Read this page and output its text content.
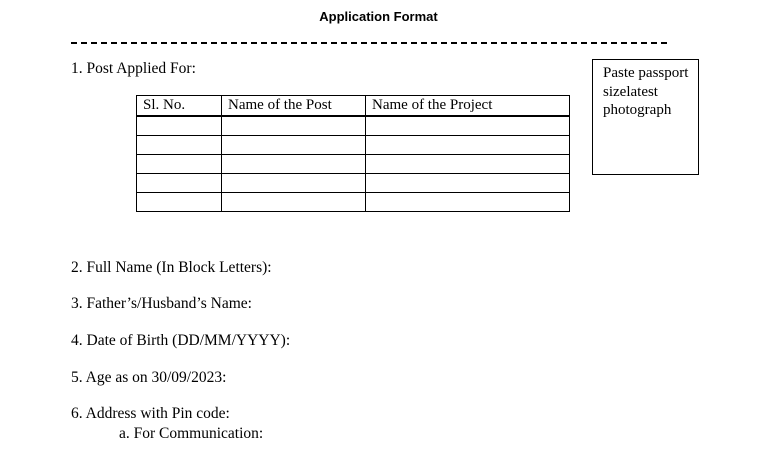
Application Format
1. Post Applied For:	Paste passport sizelatest photograph
Sl. No.	Name of the Post	Name of the Project

2. Full Name (In Block Letters):
3. Father’s/Husband’s Name:
4. Date of Birth (DD/MM/YYYY):
5. Age as on 30/09/2023:
6. Address with Pin code:
a. For Communication:
